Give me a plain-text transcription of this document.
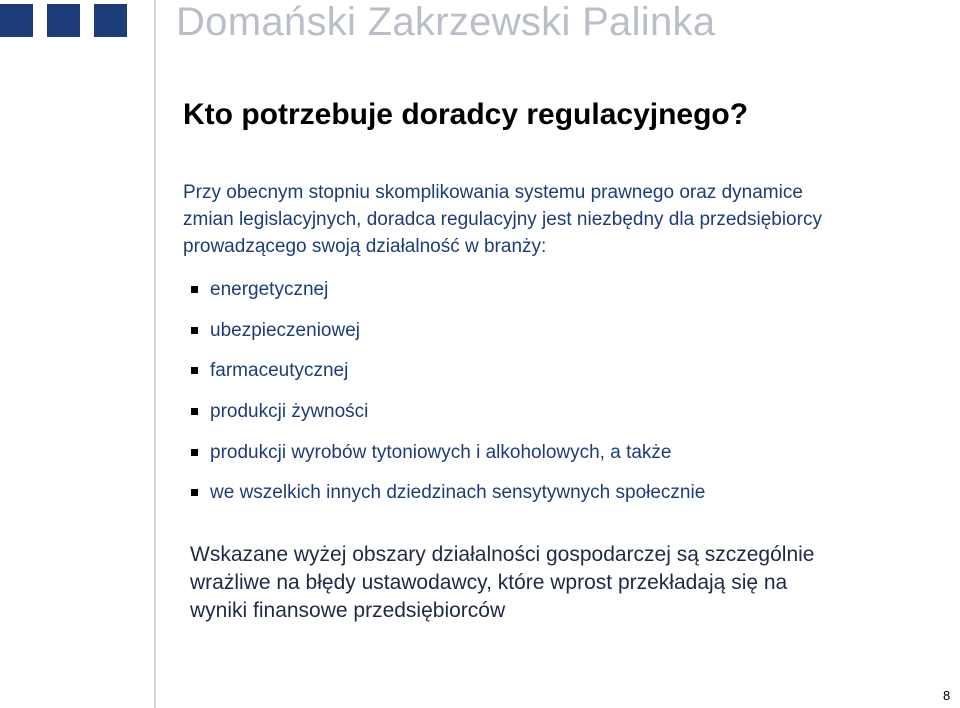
Domański Zakrzewski Palinka
Kto potrzebuje doradcy regulacyjnego?
Przy obecnym stopniu skomplikowania systemu prawnego oraz dynamice
zmian legislacyjnych, doradca regulacyjny jest niezbędny dla przedsiębiorcy
prowadzącego swoją działalność w branży:
energetycznej
ubezpieczeniowej
farmaceutycznej
produkcji żywności
produkcji wyrobów tytoniowych i alkoholowych, a także
we wszelkich innych dziedzinach sensytywnych społecznie
Wskazane wyżej obszary działalności gospodarczej są szczególnie
wrażliwe na błędy ustawodawcy, które wprost przekładają się na
wyniki finansowe przedsiębiorców
8
